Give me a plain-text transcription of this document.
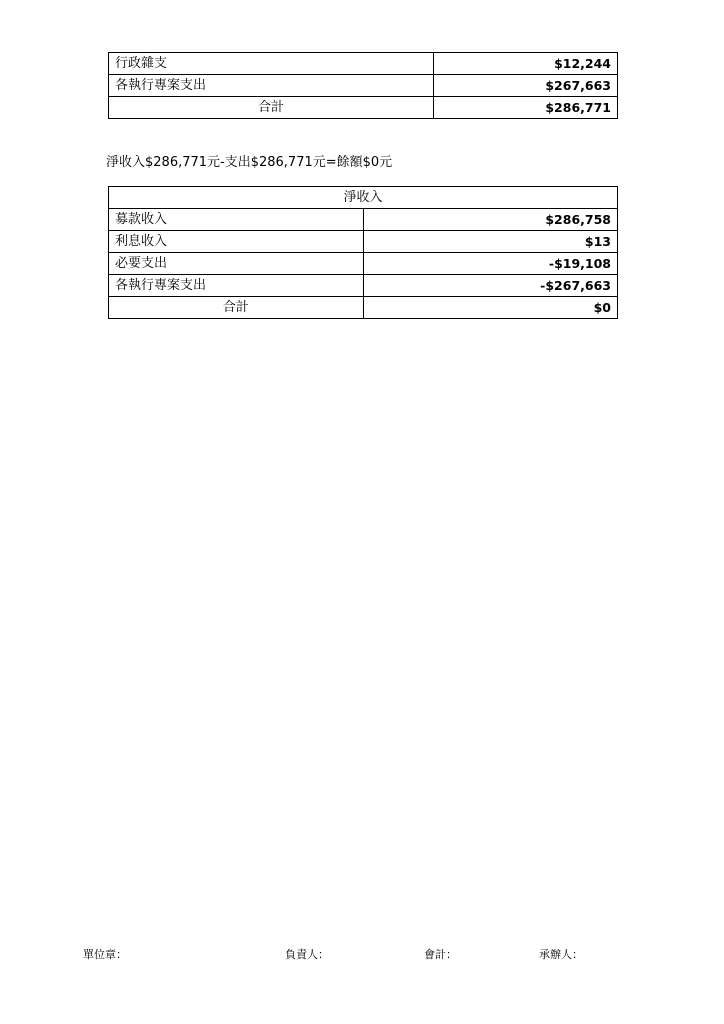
行政雜支	$12,244
各執行專案支出	$267,663
合計	$286,771
淨收入$286,771元-支出$286,771元=餘額$0元
淨收入	
募款收入	$286,758
利息收入	$13
必要支出	-$19,108
各執行專案支出	-$267,663
合計	$0
單位章：	負責人：	會計：	承辦人：
